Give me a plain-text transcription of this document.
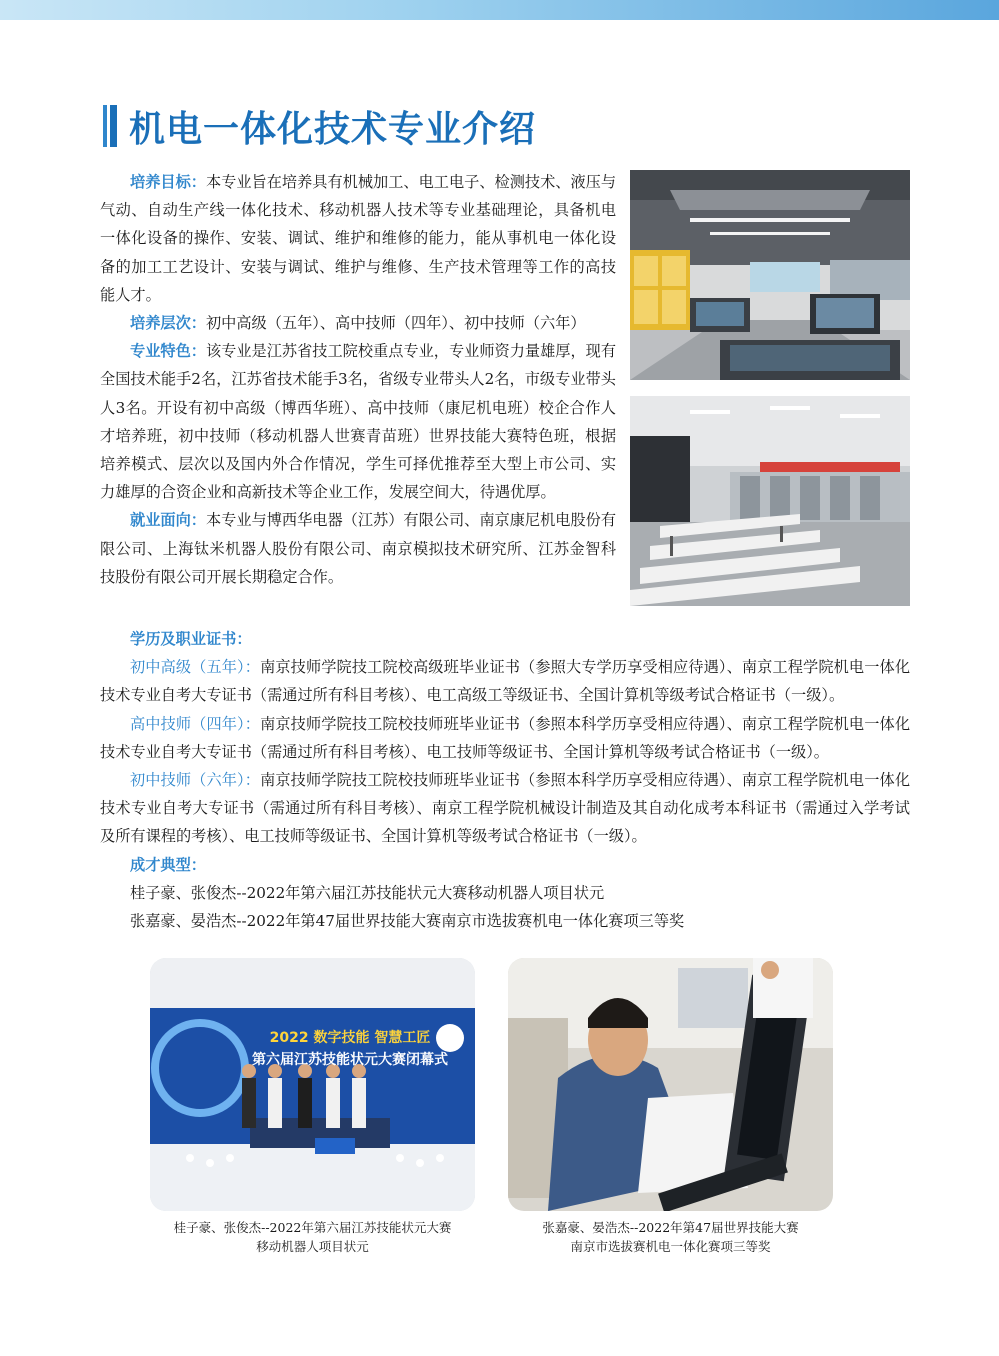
机电一体化技术专业介绍

培养目标：本专业旨在培养具有机械加工、电工电子、检测技术、液压与气动、自动生产线一体化技术、移动机器人技术等专业基础理论，具备机电一体化设备的操作、安装、调试、维护和维修的能力，能从事机电一体化设备的加工工艺设计、安装与调试、维护与维修、生产技术管理等工作的高技能人才。

培养层次：初中高级（五年）、高中技师（四年）、初中技师（六年）

专业特色：该专业是江苏省技工院校重点专业，专业师资力量雄厚，现有全国技术能手2名，江苏省技术能手3名，省级专业带头人2名，市级专业带头人3名。开设有初中高级（博西华班）、高中技师（康尼机电班）校企合作人才培养班，初中技师（移动机器人世赛青苗班）世界技能大赛特色班，根据培养模式、层次以及国内外合作情况，学生可择优推荐至大型上市公司、实力雄厚的合资企业和高新技术等企业工作，发展空间大，待遇优厚。

就业面向：本专业与博西华电器（江苏）有限公司、南京康尼机电股份有限公司、上海钛米机器人股份有限公司、南京模拟技术研究所、江苏金智科技股份有限公司开展长期稳定合作。

学历及职业证书：

初中高级（五年）：南京技师学院技工院校高级班毕业证书（参照大专学历享受相应待遇）、南京工程学院机电一体化技术专业自考大专证书（需通过所有科目考核）、电工高级工等级证书、全国计算机等级考试合格证书（一级）。

高中技师（四年）：南京技师学院技工院校技师班毕业证书（参照本科学历享受相应待遇）、南京工程学院机电一体化技术专业自考大专证书（需通过所有科目考核）、电工技师等级证书、全国计算机等级考试合格证书（一级）。

初中技师（六年）：南京技师学院技工院校技师班毕业证书（参照本科学历享受相应待遇）、南京工程学院机电一体化技术专业自考大专证书（需通过所有科目考核）、南京工程学院机械设计制造及其自动化成考本科证书（需通过入学考试及所有课程的考核）、电工技师等级证书、全国计算机等级考试合格证书（一级）。

成才典型：

桂子豪、张俊杰--2022年第六届江苏技能状元大赛移动机器人项目状元

张嘉豪、晏浩杰--2022年第47届世界技能大赛南京市选拔赛机电一体化赛项三等奖

2022 数字技能 智慧工匠
第六届江苏技能状元大赛闭幕式
桂子豪、张俊杰--2022年第六届江苏技能状元大赛
移动机器人项目状元
张嘉豪、晏浩杰--2022年第47届世界技能大赛
南京市选拔赛机电一体化赛项三等奖
